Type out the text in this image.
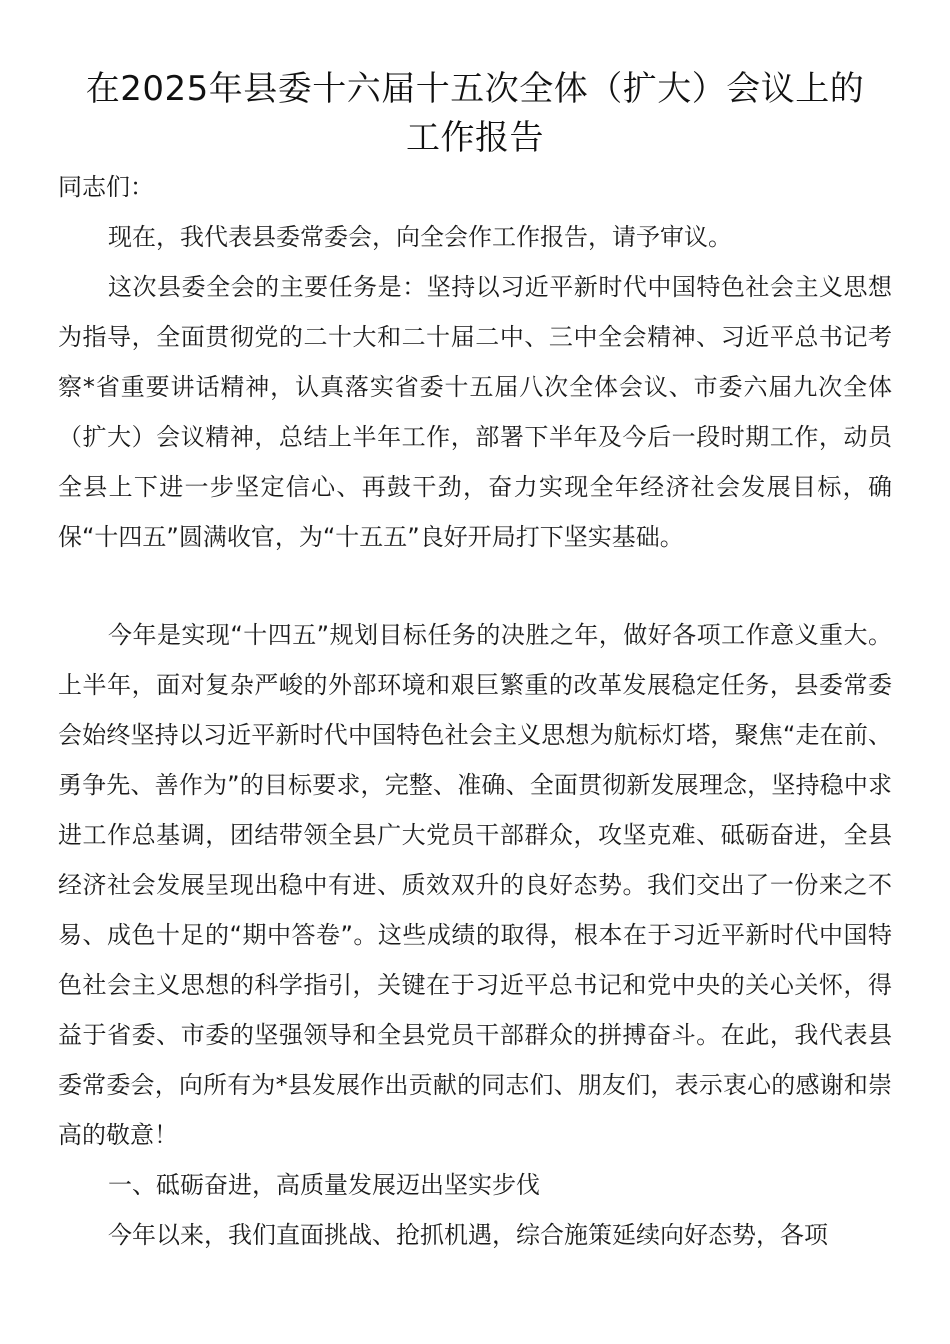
在2025年县委十六届十五次全体（扩大）会议上的
工作报告

同志们：

现在，我代表县委常委会，向全会作工作报告，请予审议。

这次县委全会的主要任务是：坚持以习近平新时代中国特色社会主义思想为指导，全面贯彻党的二十大和二十届二中、三中全会精神、习近平总书记考察*省重要讲话精神，认真落实省委十五届八次全体会议、市委六届九次全体（扩大）会议精神，总结上半年工作，部署下半年及今后一段时期工作，动员全县上下进一步坚定信心、再鼓干劲，奋力实现全年经济社会发展目标，确保“十四五”圆满收官，为“十五五”良好开局打下坚实基础。

今年是实现“十四五”规划目标任务的决胜之年，做好各项工作意义重大。上半年，面对复杂严峻的外部环境和艰巨繁重的改革发展稳定任务，县委常委会始终坚持以习近平新时代中国特色社会主义思想为航标灯塔，聚焦“走在前、勇争先、善作为”的目标要求，完整、准确、全面贯彻新发展理念，坚持稳中求进工作总基调，团结带领全县广大党员干部群众，攻坚克难、砥砺奋进，全县经济社会发展呈现出稳中有进、质效双升的良好态势。我们交出了一份来之不易、成色十足的“期中答卷”。这些成绩的取得，根本在于习近平新时代中国特色社会主义思想的科学指引，关键在于习近平总书记和党中央的关心关怀，得益于省委、市委的坚强领导和全县党员干部群众的拼搏奋斗。在此，我代表县委常委会，向所有为*县发展作出贡献的同志们、朋友们，表示衷心的感谢和崇高的敬意！

一、砥砺奋进，高质量发展迈出坚实步伐

今年以来，我们直面挑战、抢抓机遇，综合施策延续向好态势，各项
